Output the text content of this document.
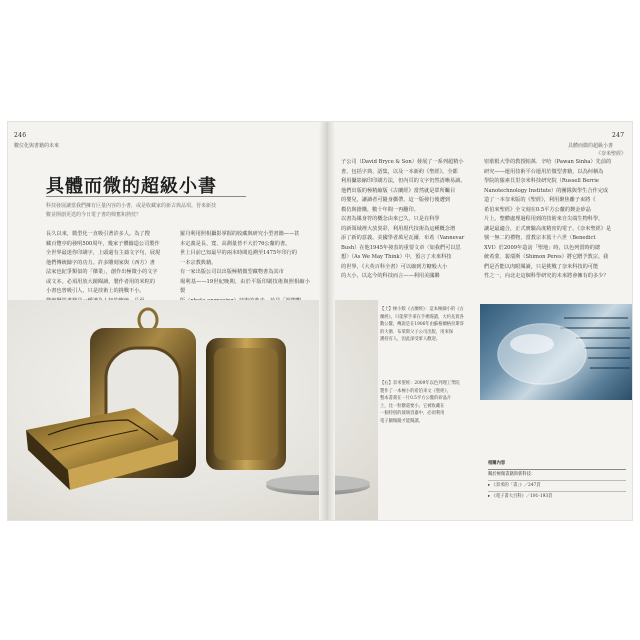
246
數位化與書籍的未來
具體而微的超級小書
科技發展讓當我們擁有巨量內容的小書，或是收藏家的新古典品項。晉來新技
數並開創更迭的今日電子書的興奮和熱忱？
長久以來，微型化一直吸引著許多人。為了搜
藏百覽亭的發明500周年，幾家子體鑄造公司製作
全世界最迷你印刷字，上頭還有主禱文字句，展現
他們傳統鑄字的功力。許多雕刻家與（西方）書
法家也紀爭類似的「傑業」，創作出極微小的文字
或文本。必須用放大鏡閱讀，製作者用的米粒的
小書也曾吸引人，只是技術上的挑戰不小。
羅丹利用照相攝影掌握的收藏與研究小型書籍——甚
本定義是長、寬、高測量皆不大於76公釐的書。
世上目前已知最早的兩本時間追溯至1475年印行的
一本宗教典籍。
有一家出版公司以出版極精微型藏物書為其市
場利基——19世紀晚期，由於平版印刷技術與照相縮小製
247
具體而微的超級小書
《奈米聖經》
子公司（David Bryce & Son）發展了一系列超精小
書，包括字典、語集，以及一本新約《聖經》。全都
利用攝影縮印印刷方法，但內頁的文字仍然清晰易讀。
他們出版的極精縮版《古蘭經》當然就是眾所矚目
的嬰兒，讓讀者可隨身攜帶。這一版發行後遭到
模仿與搶購，數十年間一再翻印。
以書為媒身符的概念由來已久，只是在科學
的新領域裡大放異彩，利用現代技術為這種概念增
添了新的意義。美國學者萬尼瓦爾．布希（Vannevar
Bush）在他1945年發表的重要文章〈如我們可以思
想〉（As We May Think）中，預言了未來科技
的世界，《大英百科全書》可以縮到方糖般大小
的大小，以迄今的科技而言——利用美國聯
密歇根大學的教授帕萬．辛哈（Pawan Sinha）先前的
研究——運用技術平台運用於微型書籍，以為何稱為
學院的羅素貝里奈米科技研究院（Russell Berrie
Nanotechnology Institute）的團隊與學生合作完成
造了一本奈米版的《聖經》，利用聚焦離子束將《
希伯來聖經》全文刻在0.5平方公釐的鍍金矽晶
片上。整體處理過程用到的技術來自尖端生物科學，
讓是最適合，正式實驗高度精密的電子。《奈米聖經》是
號一無二的禮物，當教宗本篤十六世（Benedict
XVI）於2009年造訪「聖地」時，以色列當時的總
統希蒙．裴瑞斯（Shimon Peres）將它贈予教宗。我
們是否能以肉眼閱讀，只是挑戰了奈米科技的可能
性之一，向北走這個科學研究的未來將會擁有的多少？
【上】極小版《古蘭經》：這本極細小的《古
蘭經》，只能單手拿在手裡閱讀，大約長寬各
數公釐，傳說是在1906年由蘇格蘭格拉斯哥
的大衛．布萊斯父子公司出版，用來保
護持有人，因此深受軍人歡迎。
【右】奈米聖經：2009年以色列理工學院
製作了一本極小的希伯來文《聖經》，
整本書刻在一片0.5平方公釐的矽晶片
上，比一粒糖還要小。它被收藏在
一個特別的玻璃容器中，必須利用
電子顯微鏡才能閱讀。
相關內容
關於極微書籍與新科技：
▸ 《奈米的「書」》／247頁
▸ 《電子書大百科》／191-193頁
